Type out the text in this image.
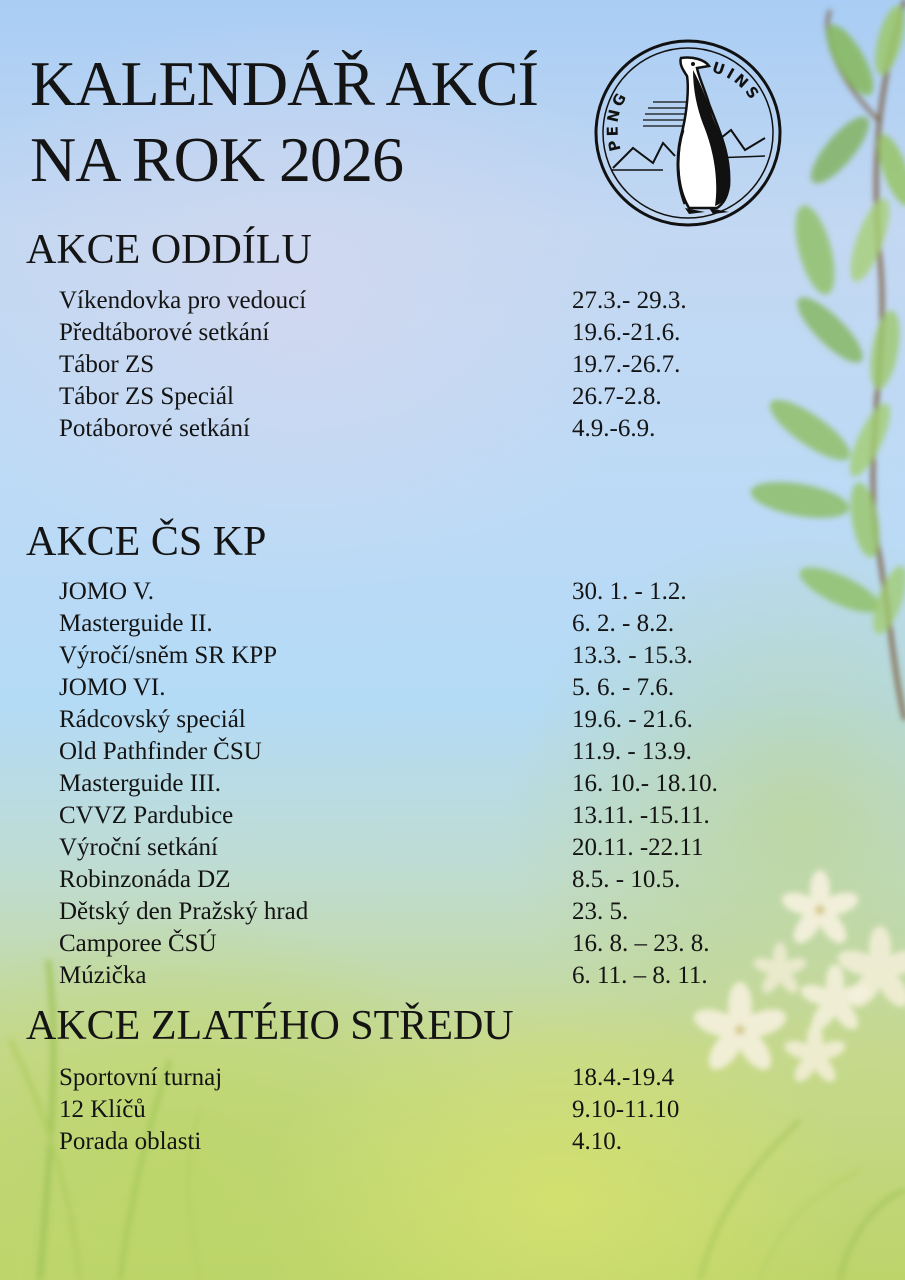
KALENDÁŘ AKCÍ
NA ROK 2026	PENG
UINS
AKCE ODDÍLU
Víkendovka pro vedoucí	27.3.- 29.3.
Předtáborové setkání	19.6.-21.6.
Tábor ZS	19.7.-26.7.
Tábor ZS Speciál	26.7-2.8.
Potáborové setkání	4.9.-6.9.
AKCE ČS KP
JOMO V.	30. 1. - 1.2.
Masterguide II.	6. 2. - 8.2.
Výročí/sněm SR KPP	13.3. - 15.3.
JOMO VI.	5. 6. - 7.6.
Rádcovský speciál	19.6. - 21.6.
Old Pathfinder ČSU	11.9. - 13.9.
Masterguide III.	16. 10.- 18.10.
CVVZ Pardubice	13.11. -15.11.
Výroční setkání	20.11. -22.11
Robinzonáda DZ	8.5. - 10.5.
Dětský den Pražský hrad	23. 5.
Camporee ČSÚ	16. 8. – 23. 8.
Múzička	6. 11. – 8. 11.
AKCE ZLATÉHO STŘEDU
Sportovní turnaj	18.4.-19.4
12 Klíčů	9.10-11.10
Porada oblasti	4.10.
